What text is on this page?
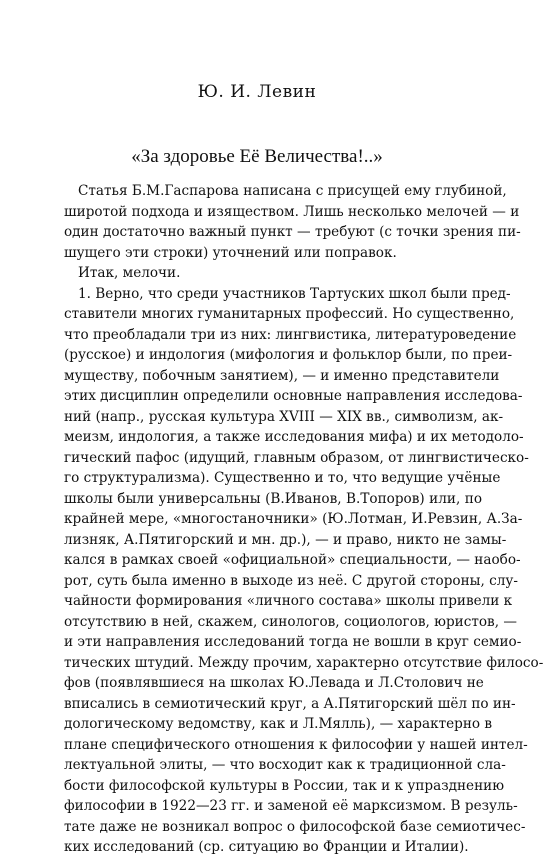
Ю. И. Левин
«За здоровье Её Величества!..»
Статья Б.М.Гаспарова написана с присущей ему глубиной,
широтой подхода и изяществом. Лишь несколько мелочей — и
один достаточно важный пункт — требуют (с точки зрения пи-
шущего эти строки) уточнений или поправок.
Итак, мелочи.
1. Верно, что среди участников Тартуских школ были пред-
ставители многих гуманитарных профессий. Но существенно,
что преобладали три из них: лингвистика, литературоведение
(русское) и индология (мифология и фольклор были, по преи-
муществу, побочным занятием), — и именно представители
этих дисциплин определили основные направления исследова-
ний (напр., русская культура XVIII — XIX вв., символизм, ак-
меизм, индология, а также исследования мифа) и их методоло-
гический пафос (идущий, главным образом, от лингвистическо-
го структурализма). Существенно и то, что ведущие учёные
школы были универсальны (В.Иванов, В.Топоров) или, по
крайней мере, «многостаночники» (Ю.Лотман, И.Ревзин, А.За-
лизняк, А.Пятигорский и мн. др.), — и право, никто не замы-
кался в рамках своей «официальной» специальности, — наобо-
рот, суть была именно в выходе из неё. С другой стороны, слу-
чайности формирования «личного состава» школы привели к
отсутствию в ней, скажем, синологов, социологов, юристов, —
и эти направления исследований тогда не вошли в круг семио-
тических штудий. Между прочим, характерно отсутствие филосо-
фов (появлявшиеся на школах Ю.Левада и Л.Столович не
вписались в семиотический круг, а А.Пятигорский шёл по ин-
дологическому ведомству, как и Л.Мялль), — характерно в
плане специфического отношения к философии у нашей интел-
лектуальной элиты, — что восходит как к традиционной сла-
бости философской культуры в России, так и к упразднению
философии в 1922—23 гг. и заменой её марксизмом. В резуль-
тате даже не возникал вопрос о философской базе семиотичес-
ких исследований (ср. ситуацию во Франции и Италии).
